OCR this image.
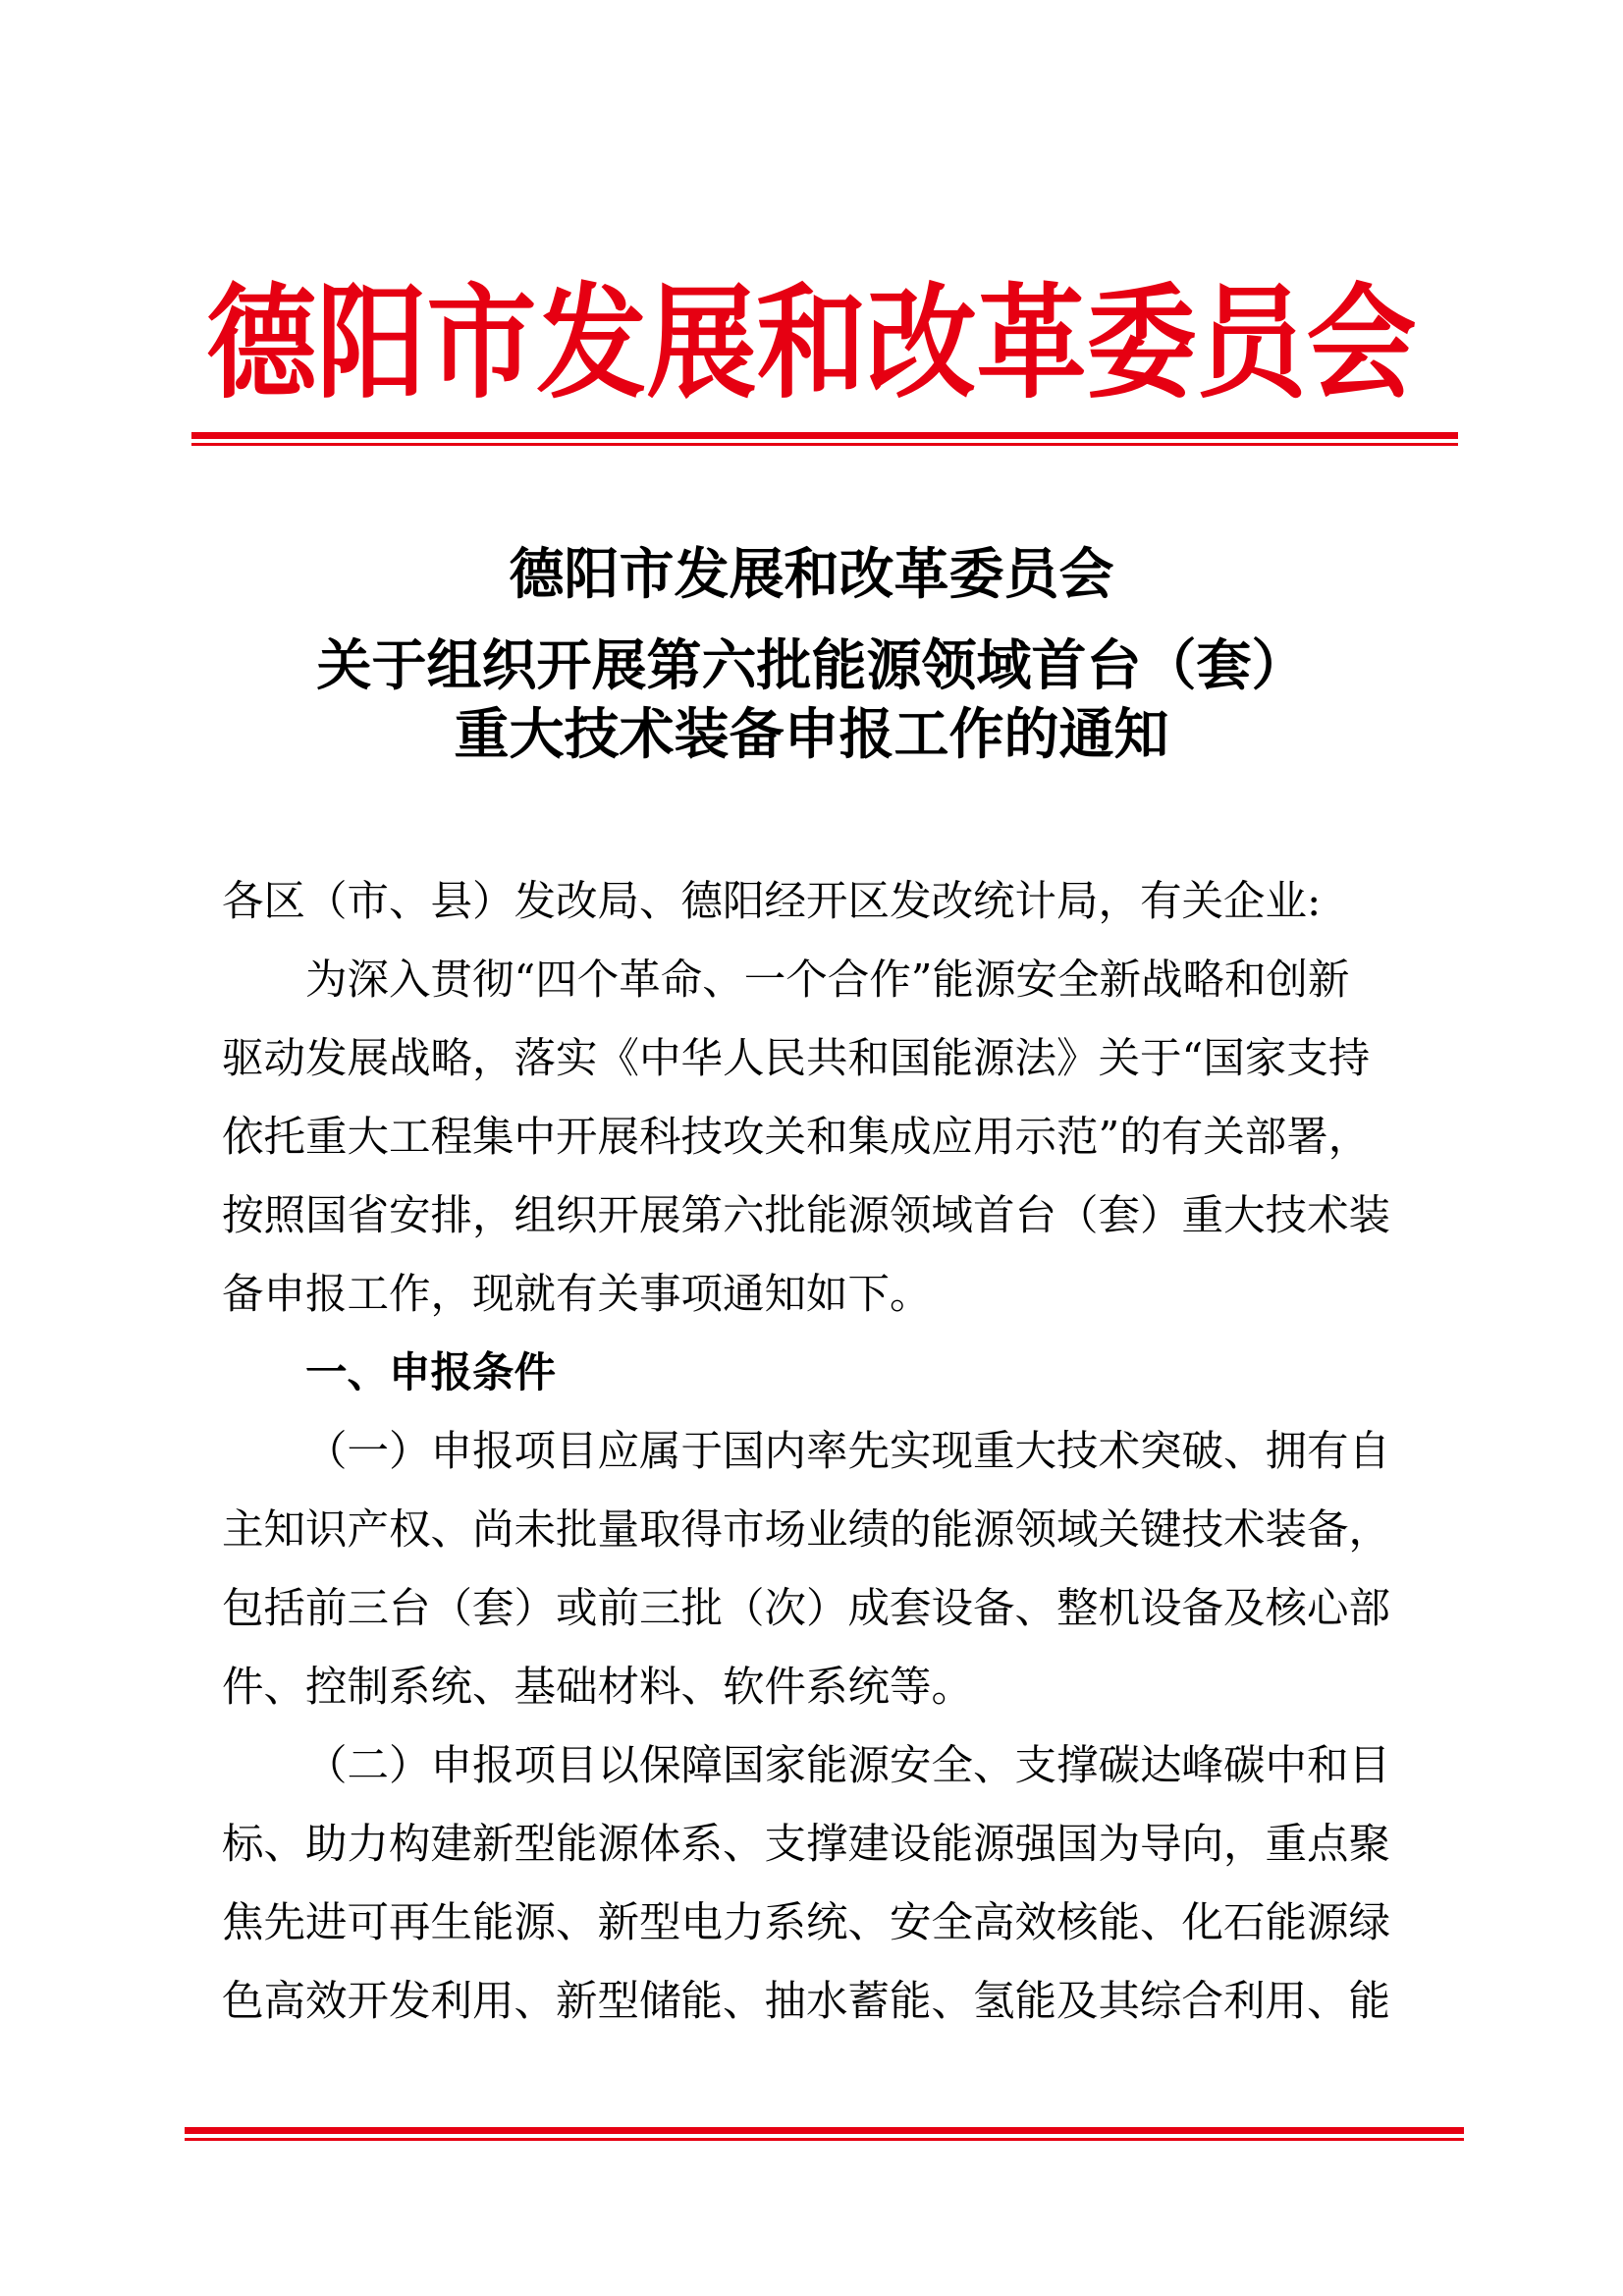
德阳市发展和改革委员会
德阳市发展和改革委员会
关于组织开展第六批能源领域首台（套）
重大技术装备申报工作的通知
各区（市、县）发改局、德阳经开区发改统计局，有关企业:
为深入贯彻“四个革命、一个合作”能源安全新战略和创新
驱动发展战略，落实《中华人民共和国能源法》关于“国家支持
依托重大工程集中开展科技攻关和集成应用示范”的有关部署，
按照国省安排，组织开展第六批能源领域首台（套）重大技术装
备申报工作，现就有关事项通知如下。
一、申报条件
（一）申报项目应属于国内率先实现重大技术突破、拥有自
主知识产权、尚未批量取得市场业绩的能源领域关键技术装备，
包括前三台（套）或前三批（次）成套设备、整机设备及核心部
件、控制系统、基础材料、软件系统等。
（二）申报项目以保障国家能源安全、支撑碳达峰碳中和目
标、助力构建新型能源体系、支撑建设能源强国为导向，重点聚
焦先进可再生能源、新型电力系统、安全高效核能、化石能源绿
色高效开发利用、新型储能、抽水蓄能、氢能及其综合利用、能
